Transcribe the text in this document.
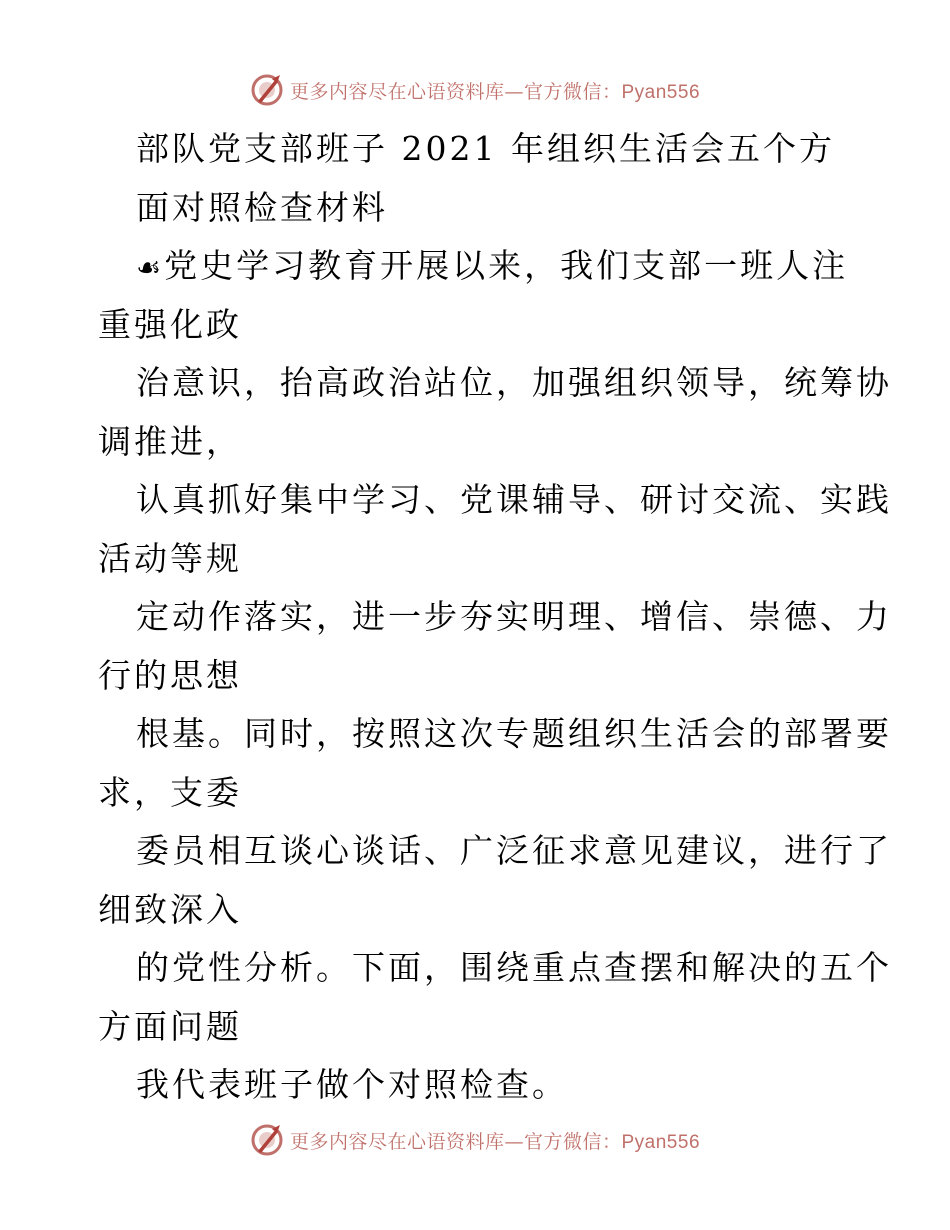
更多内容尽在心语资料库—官方微信：Pyan556
部队党支部班子 2021 年组织生活会五个方
面对照检查材料
☙党史学习教育开展以来，我们支部一班人注
重强化政
治意识，抬高政治站位，加强组织领导，统筹协
调推进，
认真抓好集中学习、党课辅导、研讨交流、实践
活动等规
定动作落实，进一步夯实明理、增信、崇德、力
行的思想
根基。同时，按照这次专题组织生活会的部署要
求，支委
委员相互谈心谈话、广泛征求意见建议，进行了
细致深入
的党性分析。下面，围绕重点查摆和解决的五个
方面问题
我代表班子做个对照检查。
更多内容尽在心语资料库—官方微信：Pyan556
